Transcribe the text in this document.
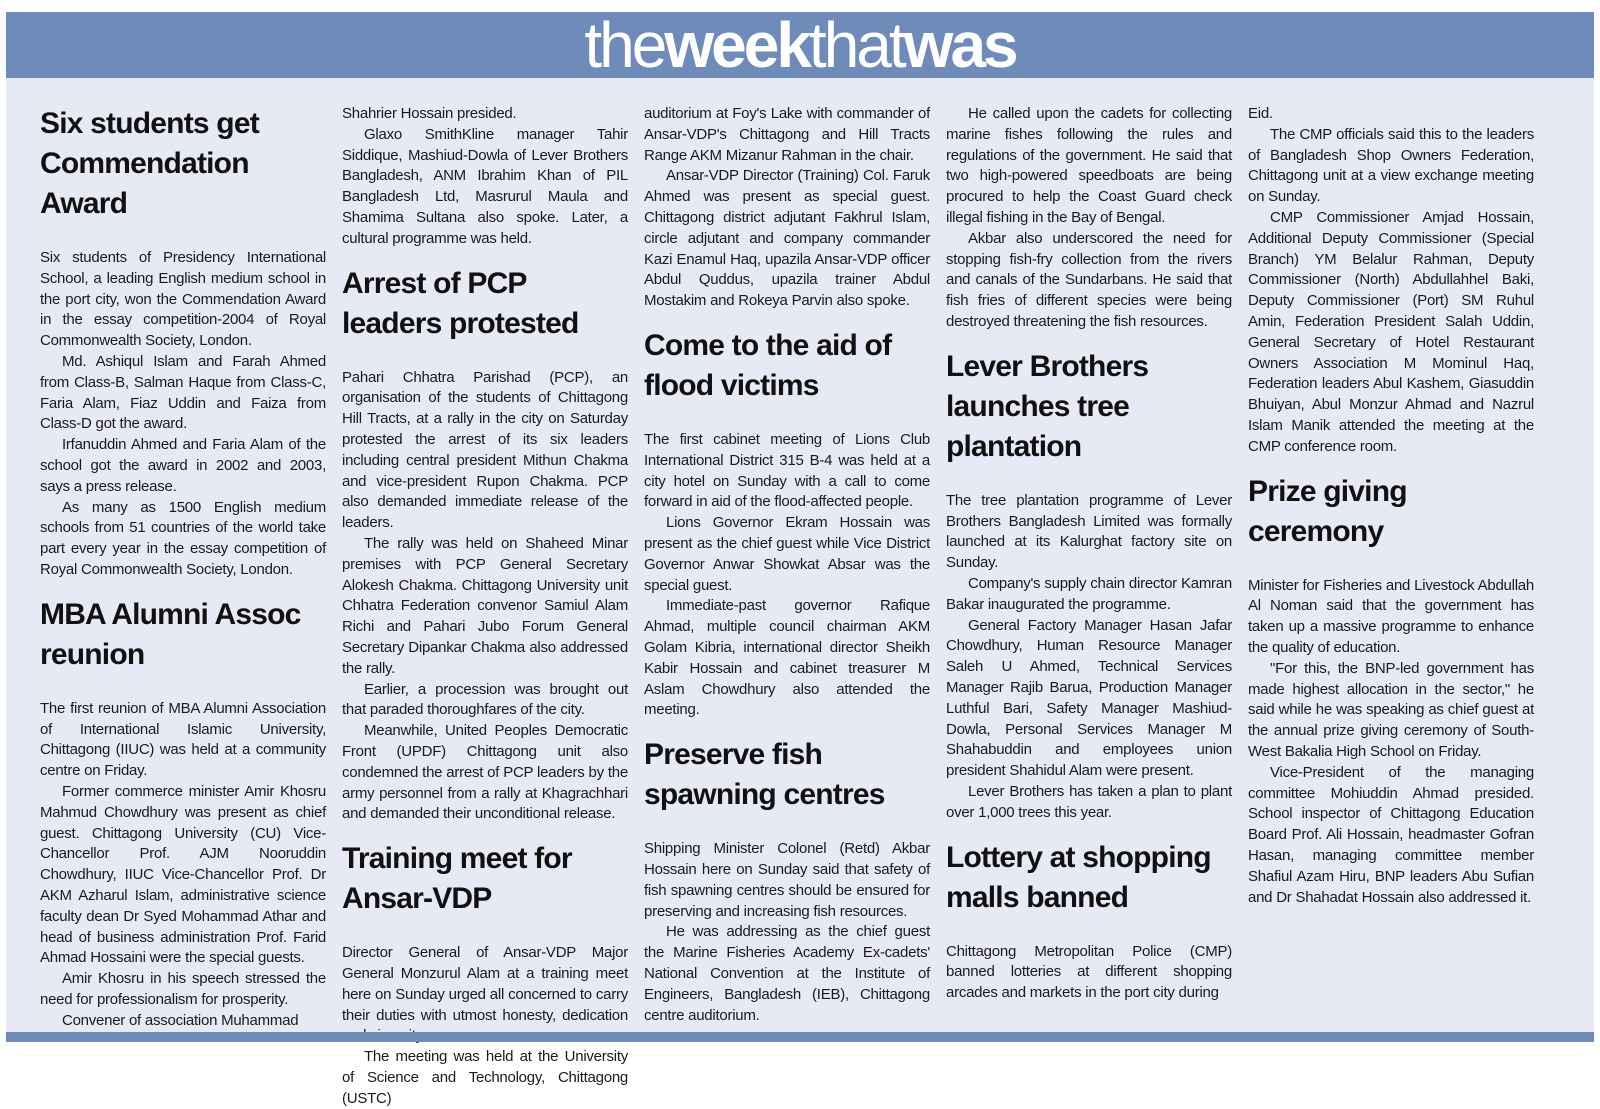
theweekthatwas
Six students get Commendation Award

Six students of Presidency International School, a leading English medium school in the port city, won the Commendation Award in the essay competition-2004 of Royal Commonwealth Society, London.

Md. Ashiqul Islam and Farah Ahmed from Class-B, Salman Haque from Class-C, Faria Alam, Fiaz Uddin and Faiza from Class-D got the award.

Irfanuddin Ahmed and Faria Alam of the school got the award in 2002 and 2003, says a press release.

As many as 1500 English medium schools from 51 countries of the world take part every year in the essay competition of Royal Commonwealth Society, London.

MBA Alumni Assoc reunion

The first reunion of MBA Alumni Association of International Islamic University, Chittagong (IIUC) was held at a community centre on Friday.

Former commerce minister Amir Khosru Mahmud Chowdhury was present as chief guest. Chittagong University (CU) Vice-Chancellor Prof. AJM Nooruddin Chowdhury, IIUC Vice-Chancellor Prof. Dr AKM Azharul Islam, administrative science faculty dean Dr Syed Mohammad Athar and head of business administration Prof. Farid Ahmad Hossaini were the special guests.

Amir Khosru in his speech stressed the need for professionalism for prosperity.

Convener of association Muhammad

Shahrier Hossain presided.

Glaxo SmithKline manager Tahir Siddique, Mashiud-Dowla of Lever Brothers Bangladesh, ANM Ibrahim Khan of PIL Bangladesh Ltd, Masrurul Maula and Shamima Sultana also spoke. Later, a cultural programme was held.

Arrest of PCP leaders protested

Pahari Chhatra Parishad (PCP), an organisation of the students of Chittagong Hill Tracts, at a rally in the city on Saturday protested the arrest of its six leaders including central president Mithun Chakma and vice-president Rupon Chakma. PCP also demanded immediate release of the leaders.

The rally was held on Shaheed Minar premises with PCP General Secretary Alokesh Chakma. Chittagong University unit Chhatra Federation convenor Samiul Alam Richi and Pahari Jubo Forum General Secretary Dipankar Chakma also addressed the rally.

Earlier, a procession was brought out that paraded thoroughfares of the city.

Meanwhile, United Peoples Democratic Front (UPDF) Chittagong unit also condemned the arrest of PCP leaders by the army personnel from a rally at Khagrachhari and demanded their unconditional release.

Training meet for Ansar-VDP

Director General of Ansar-VDP Major General Monzurul Alam at a training meet here on Sunday urged all concerned to carry their duties with utmost honesty, dedication

The meeting was held at the University of Science and Technology, Chittagong (USTC)

auditorium at Foy's Lake with commander of Ansar-VDP's Chittagong and Hill Tracts Range AKM Mizanur Rahman in the chair.

Ansar-VDP Director (Training) Col. Faruk Ahmed was present as special guest. Chittagong district adjutant Fakhrul Islam, circle adjutant and company commander Kazi Enamul Haq, upazila Ansar-VDP officer Abdul Quddus, upazila trainer Abdul Mostakim and Rokeya Parvin also spoke.

Come to the aid of flood victims

The first cabinet meeting of Lions Club International District 315 B-4 was held at a city hotel on Sunday with a call to come forward in aid of the flood-affected people.

Lions Governor Ekram Hossain was present as the chief guest while Vice District Governor Anwar Showkat Absar was the special guest.

Immediate-past governor Rafique Ahmad, multiple council chairman AKM Golam Kibria, international director Sheikh Kabir Hossain and cabinet treasurer M Aslam Chowdhury also attended the meeting.

Preserve fish spawning centres

Shipping Minister Colonel (Retd) Akbar Hossain here on Sunday said that safety of fish spawning centres should be ensured for preserving and increasing fish resources.

He was addressing as the chief guest the Marine Fisheries Academy Ex-cadets' National Convention at the Institute of Engineers, Bangladesh (IEB), Chittagong centre auditorium.

He called upon the cadets for collecting marine fishes following the rules and regulations of the government. He said that two high-powered speedboats are being procured to help the Coast Guard check illegal fishing in the Bay of Bengal.

Akbar also underscored the need for stopping fish-fry collection from the rivers and canals of the Sundarbans. He said that fish fries of different species were being destroyed threatening the fish resources.

Lever Brothers launches tree plantation

The tree plantation programme of Lever Brothers Bangladesh Limited was formally launched at its Kalurghat factory site on Sunday.

Company's supply chain director Kamran Bakar inaugurated the programme.

General Factory Manager Hasan Jafar Chowdhury, Human Resource Manager Saleh U Ahmed, Technical Services Manager Rajib Barua, Production Manager Luthful Bari, Safety Manager Mashiud-Dowla, Personal Services Manager M Shahabuddin and employees union president Shahidul Alam were present.

Lever Brothers has taken a plan to plant over 1,000 trees this year.

Lottery at shopping malls banned

Chittagong Metropolitan Police (CMP) banned lotteries at different shopping arcades and markets in the port city during

Eid.

The CMP officials said this to the leaders of Bangladesh Shop Owners Federation, Chittagong unit at a view exchange meeting on Sunday.

CMP Commissioner Amjad Hossain, Additional Deputy Commissioner (Special Branch) YM Belalur Rahman, Deputy Commissioner (North) Abdullahhel Baki, Deputy Commissioner (Port) SM Ruhul Amin, Federation President Salah Uddin, General Secretary of Hotel Restaurant Owners Association M Mominul Haq, Federation leaders Abul Kashem, Giasuddin Bhuiyan, Abul Monzur Ahmad and Nazrul Islam Manik attended the meeting at the CMP conference room.

Prize giving ceremony

Minister for Fisheries and Livestock Abdullah Al Noman said that the government has taken up a massive programme to enhance the quality of education.

"For this, the BNP-led government has made highest allocation in the sector," he said while he was speaking as chief guest at the annual prize giving ceremony of South-West Bakalia High School on Friday.

Vice-President of the managing committee Mohiuddin Ahmad presided. School inspector of Chittagong Education Board Prof. Ali Hossain, headmaster Gofran Hasan, managing committee member Shafiul Azam Hiru, BNP leaders Abu Sufian and Dr Shahadat Hossain also addressed it.
